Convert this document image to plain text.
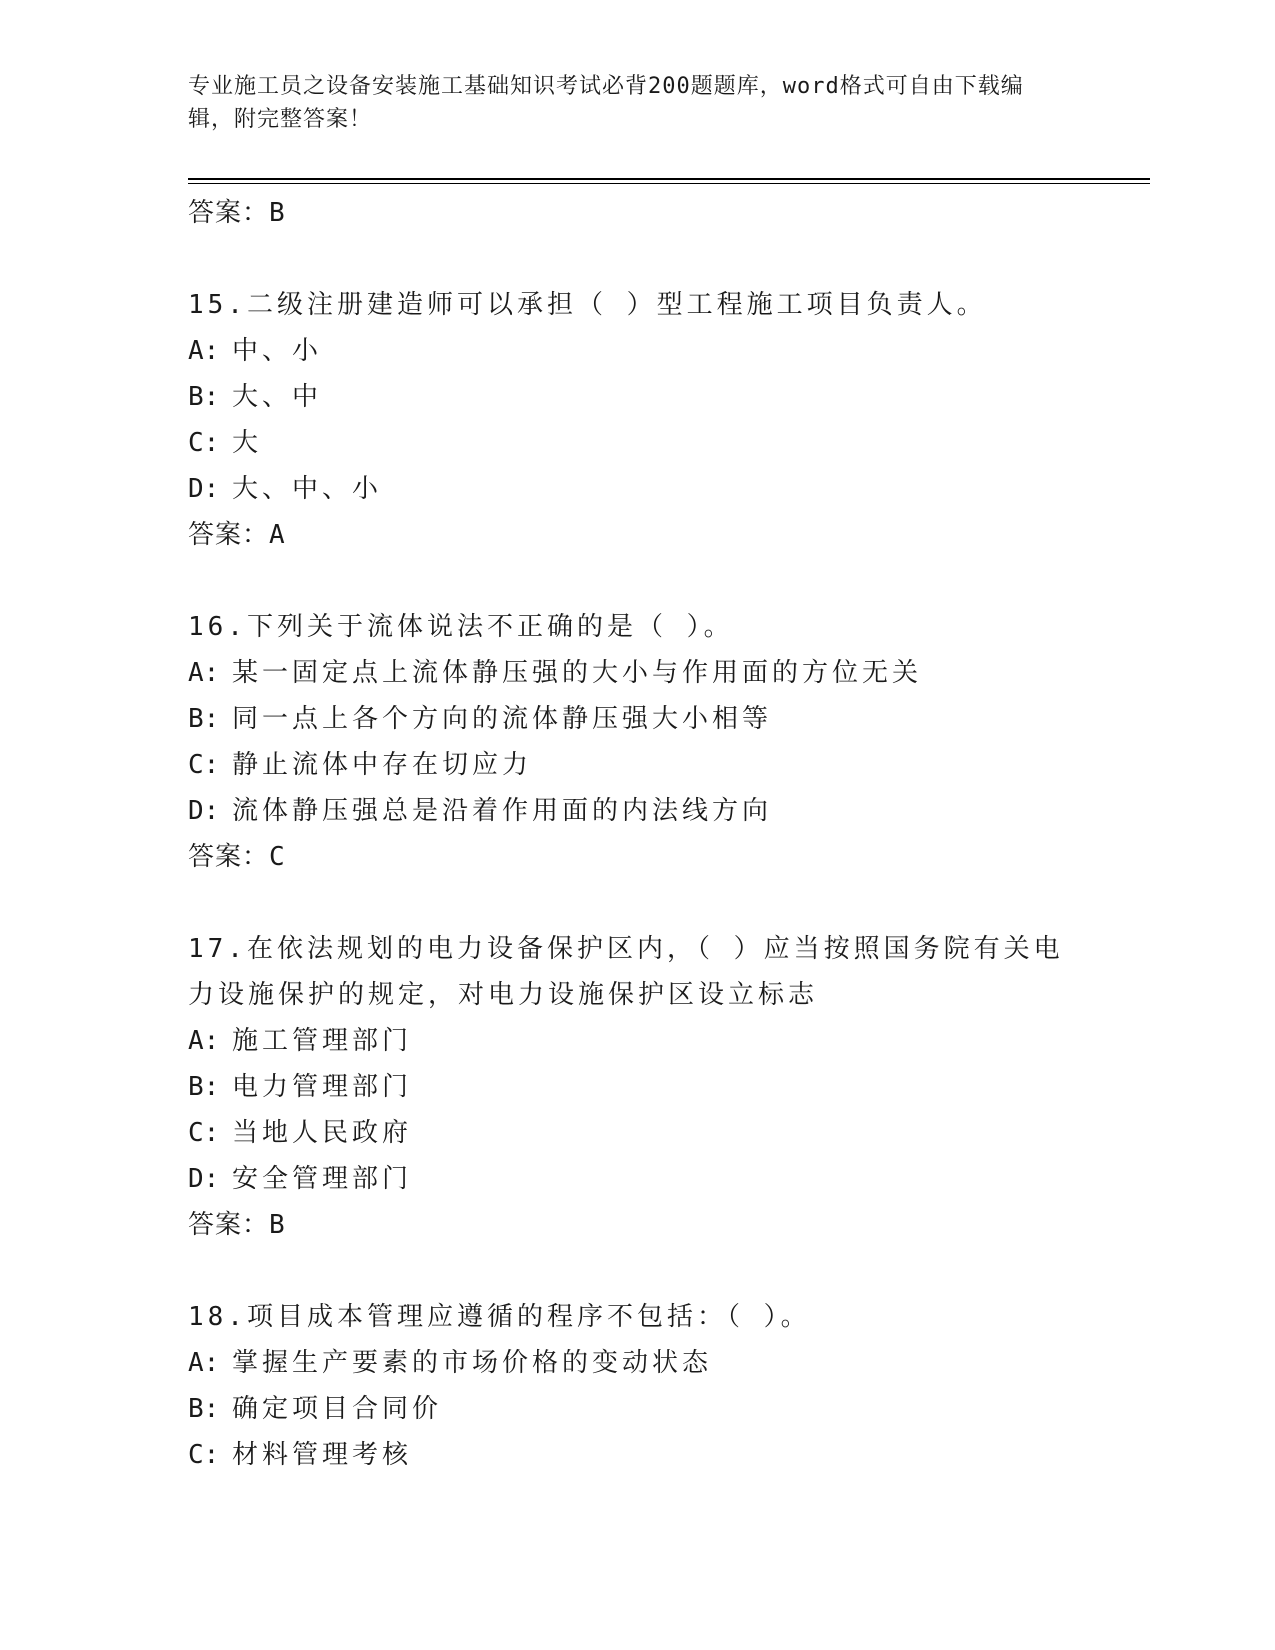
专业施工员之设备安装施工基础知识考试必背200题题库，word格式可自由下载编辑，附完整答案！
答案：B
15.二级注册建造师可以承担（ ）型工程施工项目负责人。
A: 中、小
B: 大、中
C: 大
D: 大、中、小
答案：A
16.下列关于流体说法不正确的是（ ）。
A: 某一固定点上流体静压强的大小与作用面的方位无关
B: 同一点上各个方向的流体静压强大小相等
C: 静止流体中存在切应力
D: 流体静压强总是沿着作用面的内法线方向
答案：C
17.在依法规划的电力设备保护区内，（ ）应当按照国务院有关电力设施保护的规定，对电力设施保护区设立标志
A: 施工管理部门
B: 电力管理部门
C: 当地人民政府
D: 安全管理部门
答案：B
18.项目成本管理应遵循的程序不包括：（ ）。
A: 掌握生产要素的市场价格的变动状态
B: 确定项目合同价
C: 材料管理考核
